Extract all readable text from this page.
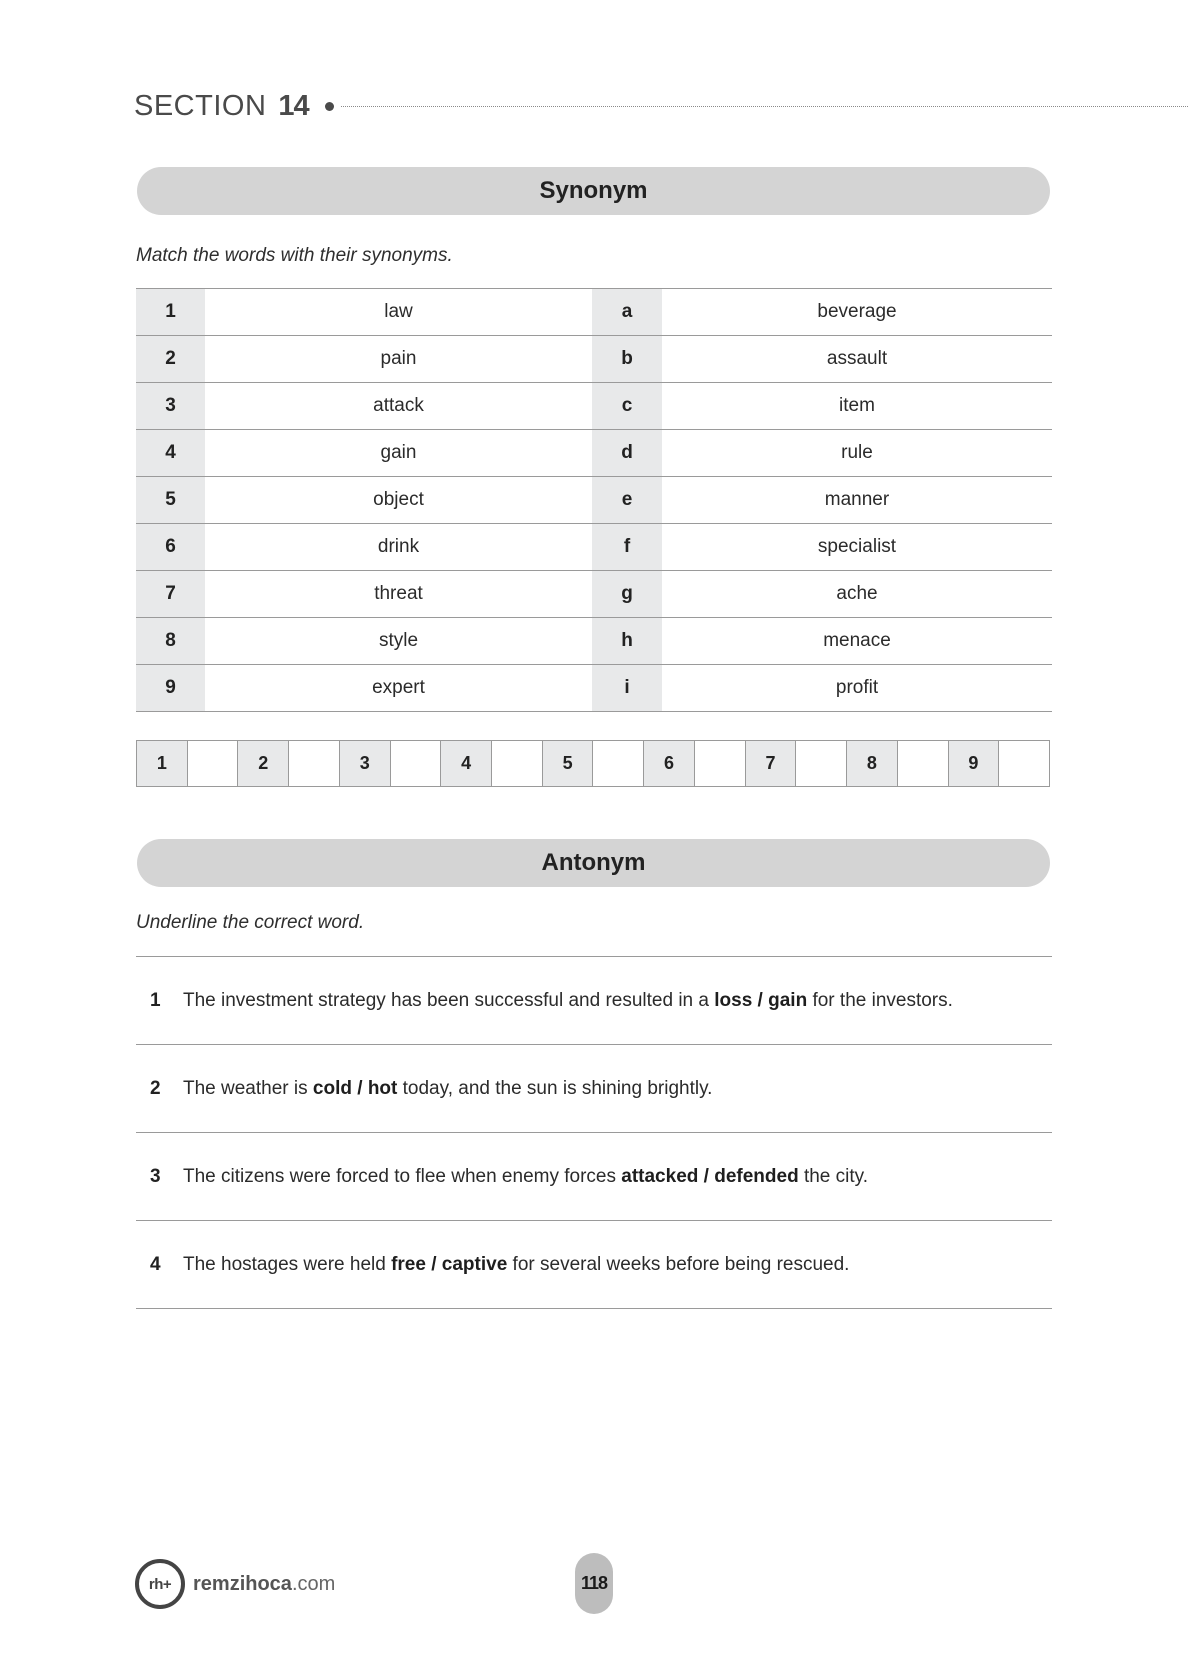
SECTION 14
Synonym
Match the words with their synonyms.
1	law	a	beverage
2	pain	b	assault
3	attack	c	item
4	gain	d	rule
5	object	e	manner
6	drink	f	specialist
7	threat	g	ache
8	style	h	menace
9	expert	i	profit
1	2	3	4	5	6	7	8	9
Antonym
Underline the correct word.
1	The investment strategy has been successful and resulted in a loss / gain for the investors.
2	The weather is cold / hot today, and the sun is shining brightly.
3	The citizens were forced to flee when enemy forces attacked / defended the city.
4	The hostages were held free / captive for several weeks before being rescued.
rh+	remzihoca.com	118
